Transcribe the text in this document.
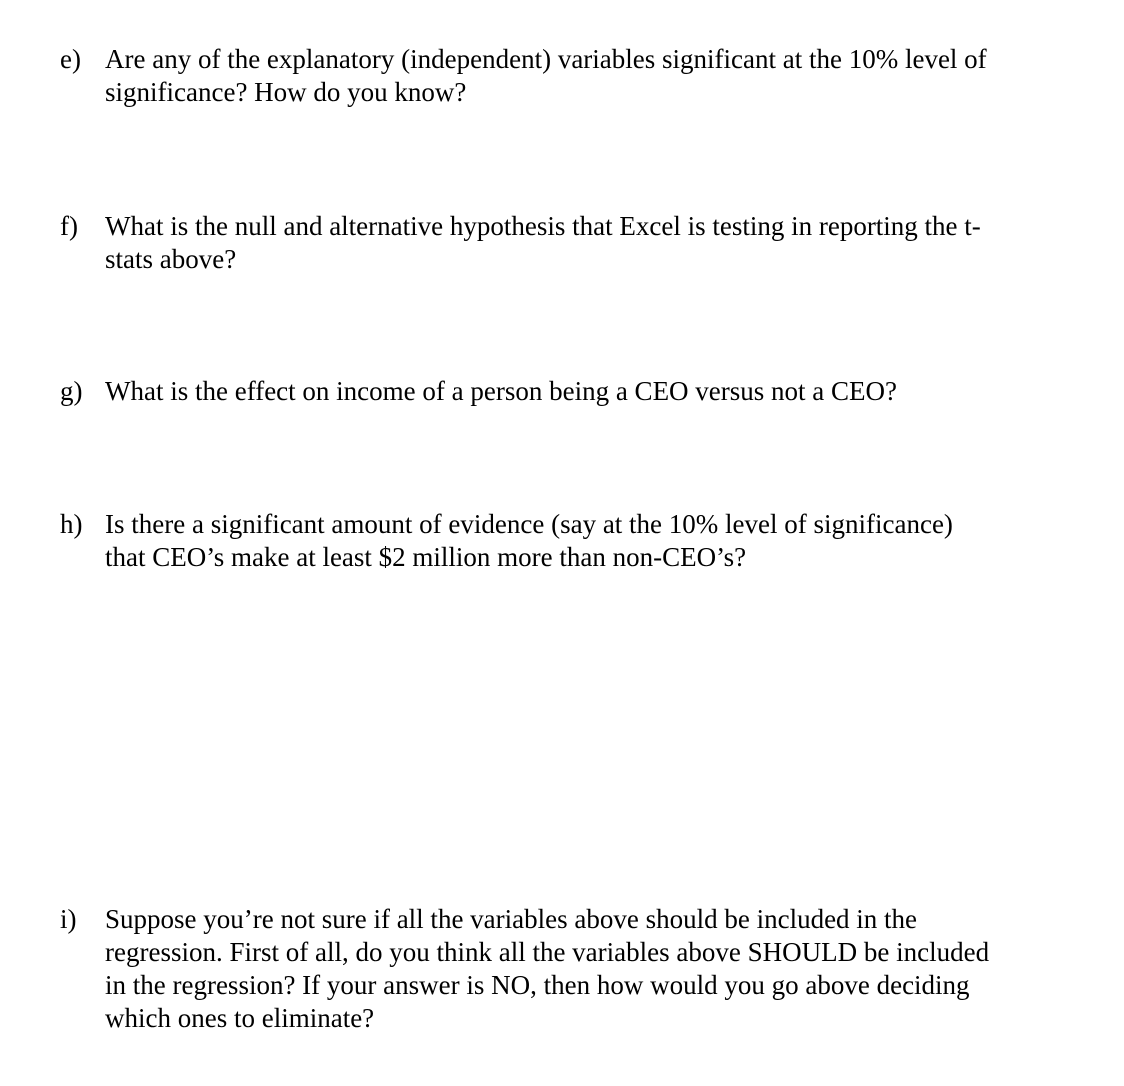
e) Are any of the explanatory (independent) variables significant at the 10% level of
significance? How do you know?
f)	What is the null and alternative hypothesis that Excel is testing in reporting the t-
stats above?
g) What is the effect on income of a person being a CEO versus not a CEO?
h) Is there a significant amount of evidence (say at the 10% level of significance)
that CEO’s make at least $2 million more than non-CEO’s?
i)	Suppose you’re not sure if all the variables above should be included in the
regression. First of all, do you think all the variables above SHOULD be included
in the regression? If your answer is NO, then how would you go above deciding
which ones to eliminate?
